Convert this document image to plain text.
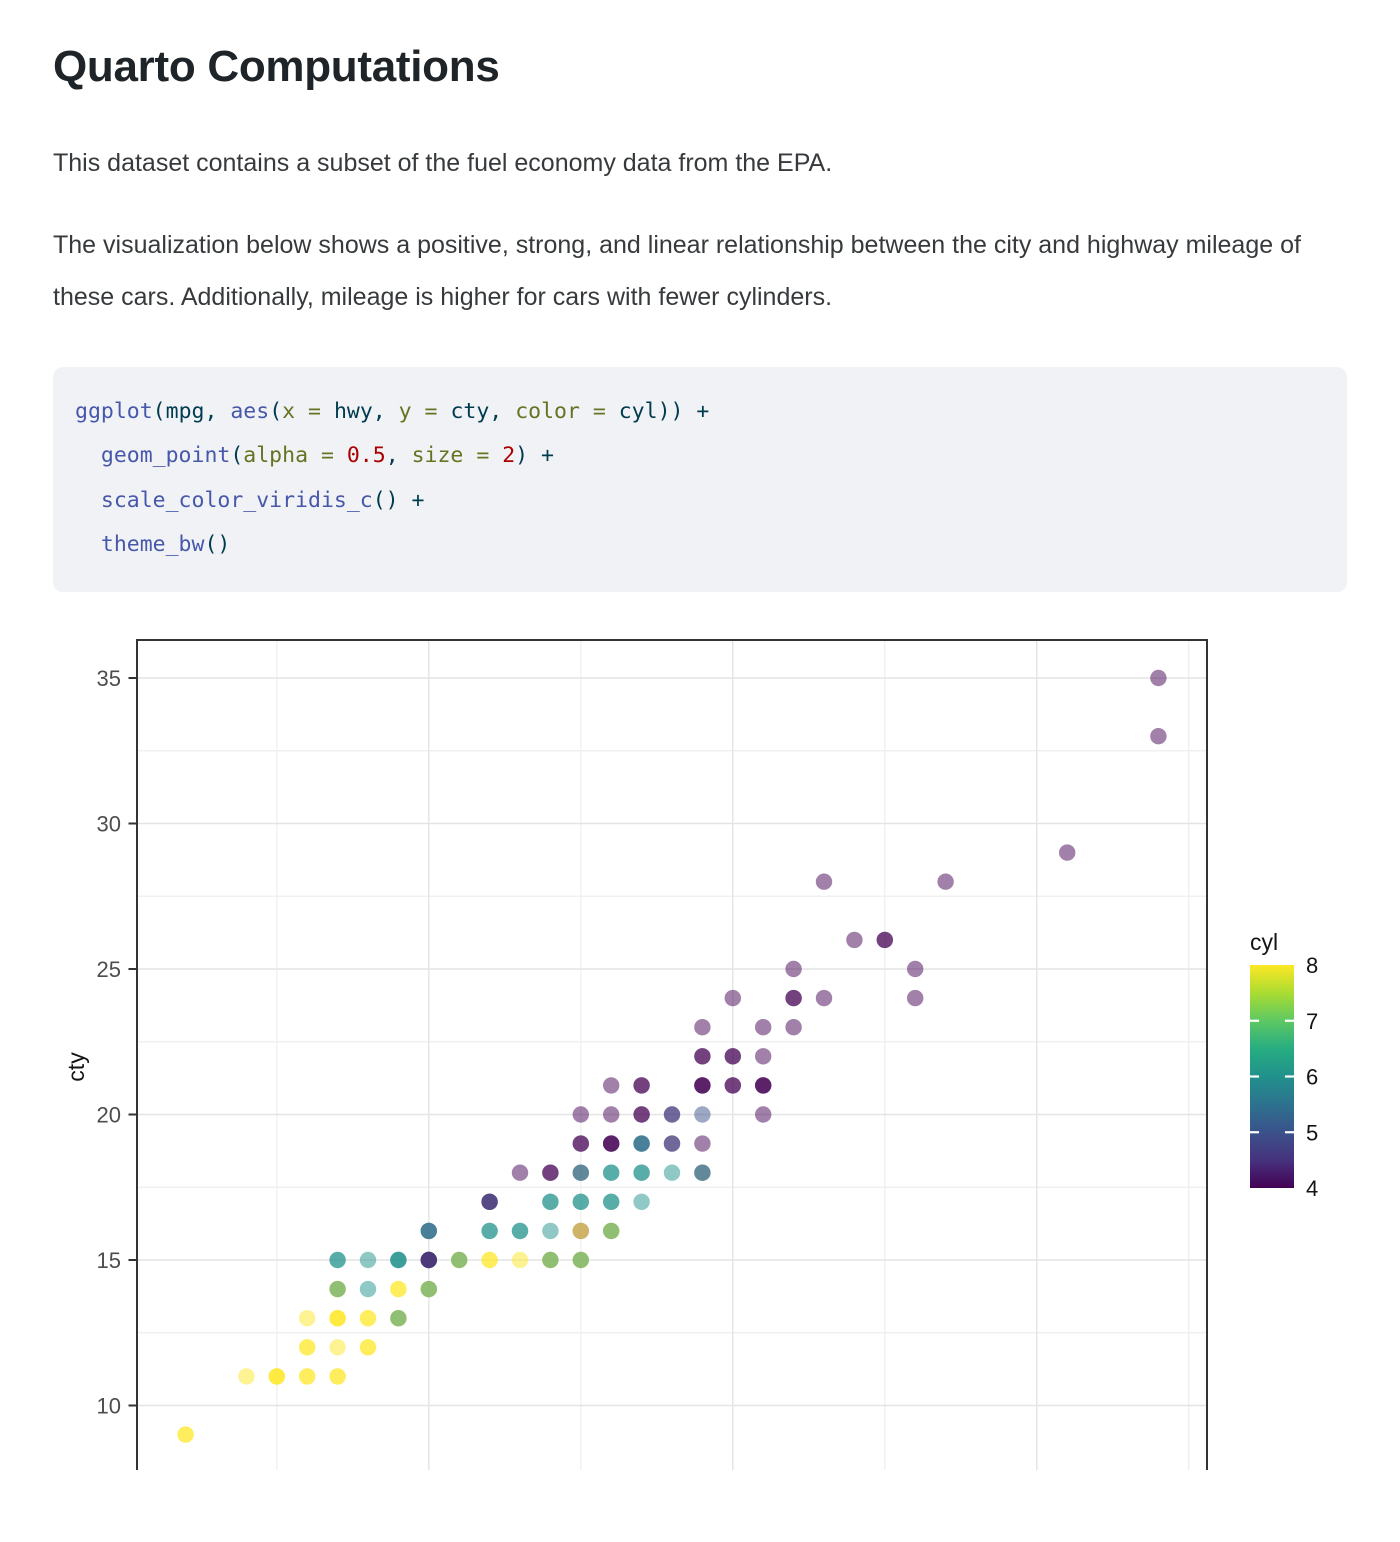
Quarto Computations

This dataset contains a subset of the fuel economy data from the EPA.

The visualization below shows a positive, strong, and linear relationship between the city and highway mileage of these cars. Additionally, mileage is higher for cars with fewer cylinders.

ggplot(mpg, aes(x = hwy, y = cty, color = cyl)) +
geom_point(alpha = 0.5, size = 2) +
scale_color_viridis_c() +
theme_bw()
35
30
25
20
15
10
cty
cyl
8
7
6
5
4
